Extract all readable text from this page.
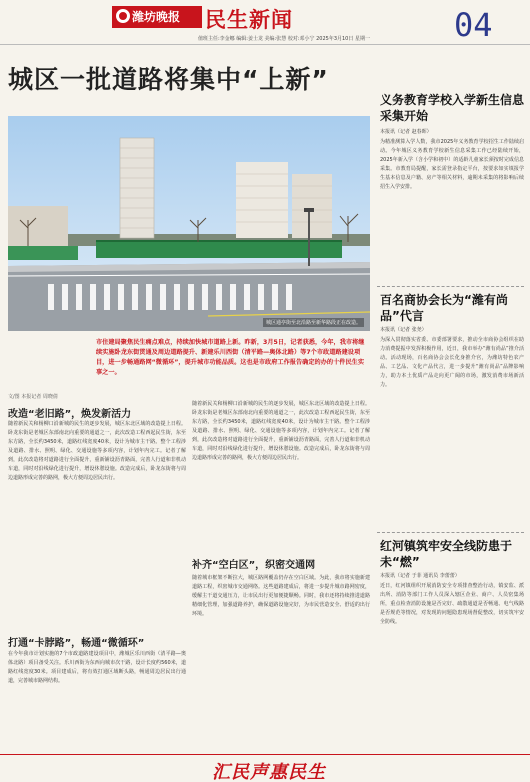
潍坊晚报 民生新闻	04
值班主任:李金娜 编辑:姜士龙 美编:张慧 校对:邓小宁 2025年3月10日 星期一
城区一批道路将集中“上新”
城区通亭街至北沿路至新华路段正在改造。
市住建局聚焦民生痛点难点，持续加快城市道路上新。昨新，3月5日，记者获悉，今年，我市将继续实施卧龙东街贯通及周边道路提升、新建乐川西街（清平路—奥体北路）等7个市政道路建设项目，进一步畅通路网“微循环”，提升城市功能品质。这也是市政府工作报告确定的办的十件民生实事之一。
文/图 本报记者 周晓倩
改造“老旧路”，焕发新活力
随着新民关和杨柳口沿新城的民生的逐步发展，城区东北区域的改造提上日程。卧龙东街是老城区东部南北向重要的通道之一，此次改造工程西起民生街，东至东方路，全长约3450米，道路红线宽度40米，设计为城市主干路。整个工程涉及道路、排水、照明、绿化、交通设施等多项内容，计划年内完工。记者了解到，此次改造将对道路进行全面提升，重新铺设沥青路面，完善人行道和非机动车道，同时对沿线绿化进行提升，增设休憩设施。改造完成后，卧龙东街将与周边道路形成完善的路网，极大方便周边居民出行。
打通“卡脖路”，畅通“微循环”
在今年我市计划实施的7个市政道路建设项目中，潍城区乐川西街（清平路—奥体北路）项目备受关注。乐川西街为东西向城市次干路，设计长度约560米，道路红线宽度30米。项目建成后，将有效打通区域断头路，畅通周边居民出行通道，完善城市路网结构。
补齐“空白区”，织密交通网
随着城市框架不断拉大，城区路网覆盖仍存在空白区域。为此，我市将实施新建道路工程，织密城市交通网络。这些道路建成后，将进一步提升城市路网密度，缓解主干道交通压力，让市民出行更加便捷顺畅。同时，我市还将持续推进道路精细化管理，加强道路养护，确保道路设施完好，为市民营造安全、舒适的出行环境。
随着新民关和杨柳口沿新城的民生的逐步发展，城区东北区域的改造提上日程。卧龙东街是老城区东部南北向重要的通道之一，此次改造工程西起民生街，东至东方路，全长约3450米，道路红线宽度40米，设计为城市主干路。整个工程涉及道路、排水、照明、绿化、交通设施等多项内容，计划年内完工。记者了解到，此次改造将对道路进行全面提升，重新铺设沥青路面，完善人行道和非机动车道，同时对沿线绿化进行提升，增设休憩设施。改造完成后，卧龙东街将与周边道路形成完善的路网，极大方便周边居民出行。
义务教育学校入学新生信息采集开始
本报讯（记者 赵春晖）
为精准测算入学人数，我市2025年义务教育学校招生工作陆续启动。今年城区义务教育学校新生信息采集工作已经陆续开始，2025年新入学（含小学和初中）的适龄儿童家长须按时完成信息采集。市教育局提醒，家长需登录指定平台，按要求如实填报学生基本信息及户籍、房产等相关材料，逾期未采集的将影响后续招生入学安排。
百名商协会长为“潍有尚品”代言
本报讯（记者 张尧）
为深入贯彻落实省委、市委部署要求，推动全市商协会组织在助力消费提振中发挥积极作用，近日，我市举办“潍有尚品”推介活动。活动现场，百名商协会会长化身推介官，为潍坊特色农产品、工艺品、文化产品代言，进一步提升“潍有尚品”品牌影响力，助力本土优质产品走向更广阔的市场，激发消费市场新活力。
红河镇筑牢安全线防患于未“燃”
本报讯（记者 于菲 通讯员 李蕾蕾）
近日，红河镇组织开展消防安全专项排查整治行动，镇安监、派出所、消防等部门工作人员深入辖区企业、商户、人员密集场所，重点检查消防设施是否完好、疏散通道是否畅通、电气线路是否规范等情况，对发现的问题隐患现场督促整改，切实筑牢安全防线。
汇民声惠民生
